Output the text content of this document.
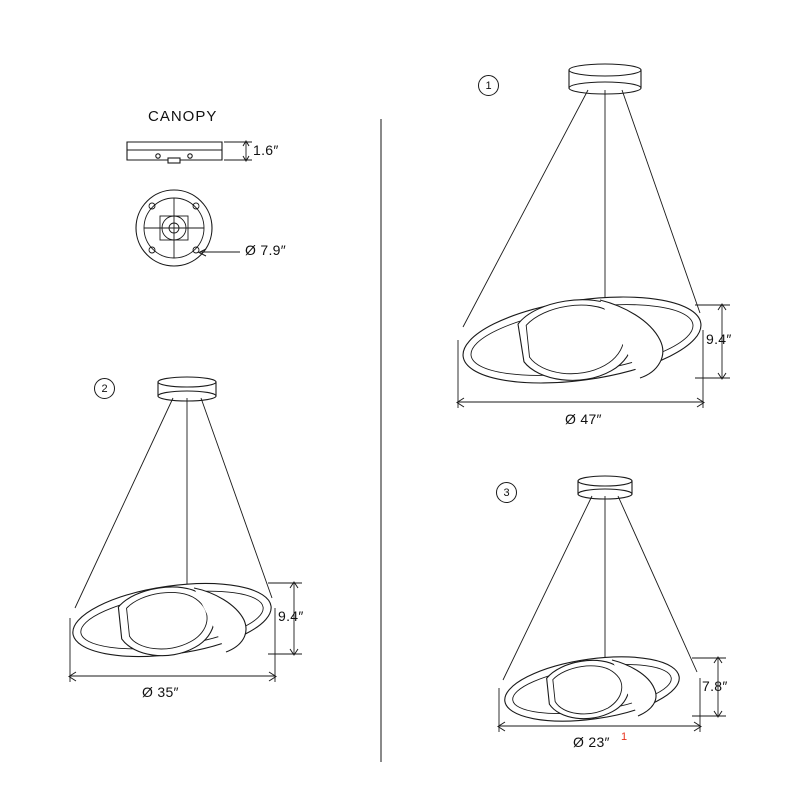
CANOPY
1.6″
Ø 7.9″
1
Ø 47″
9.4″
2
Ø 35″
9.4″
3
Ø 23″ 1
7.8″
